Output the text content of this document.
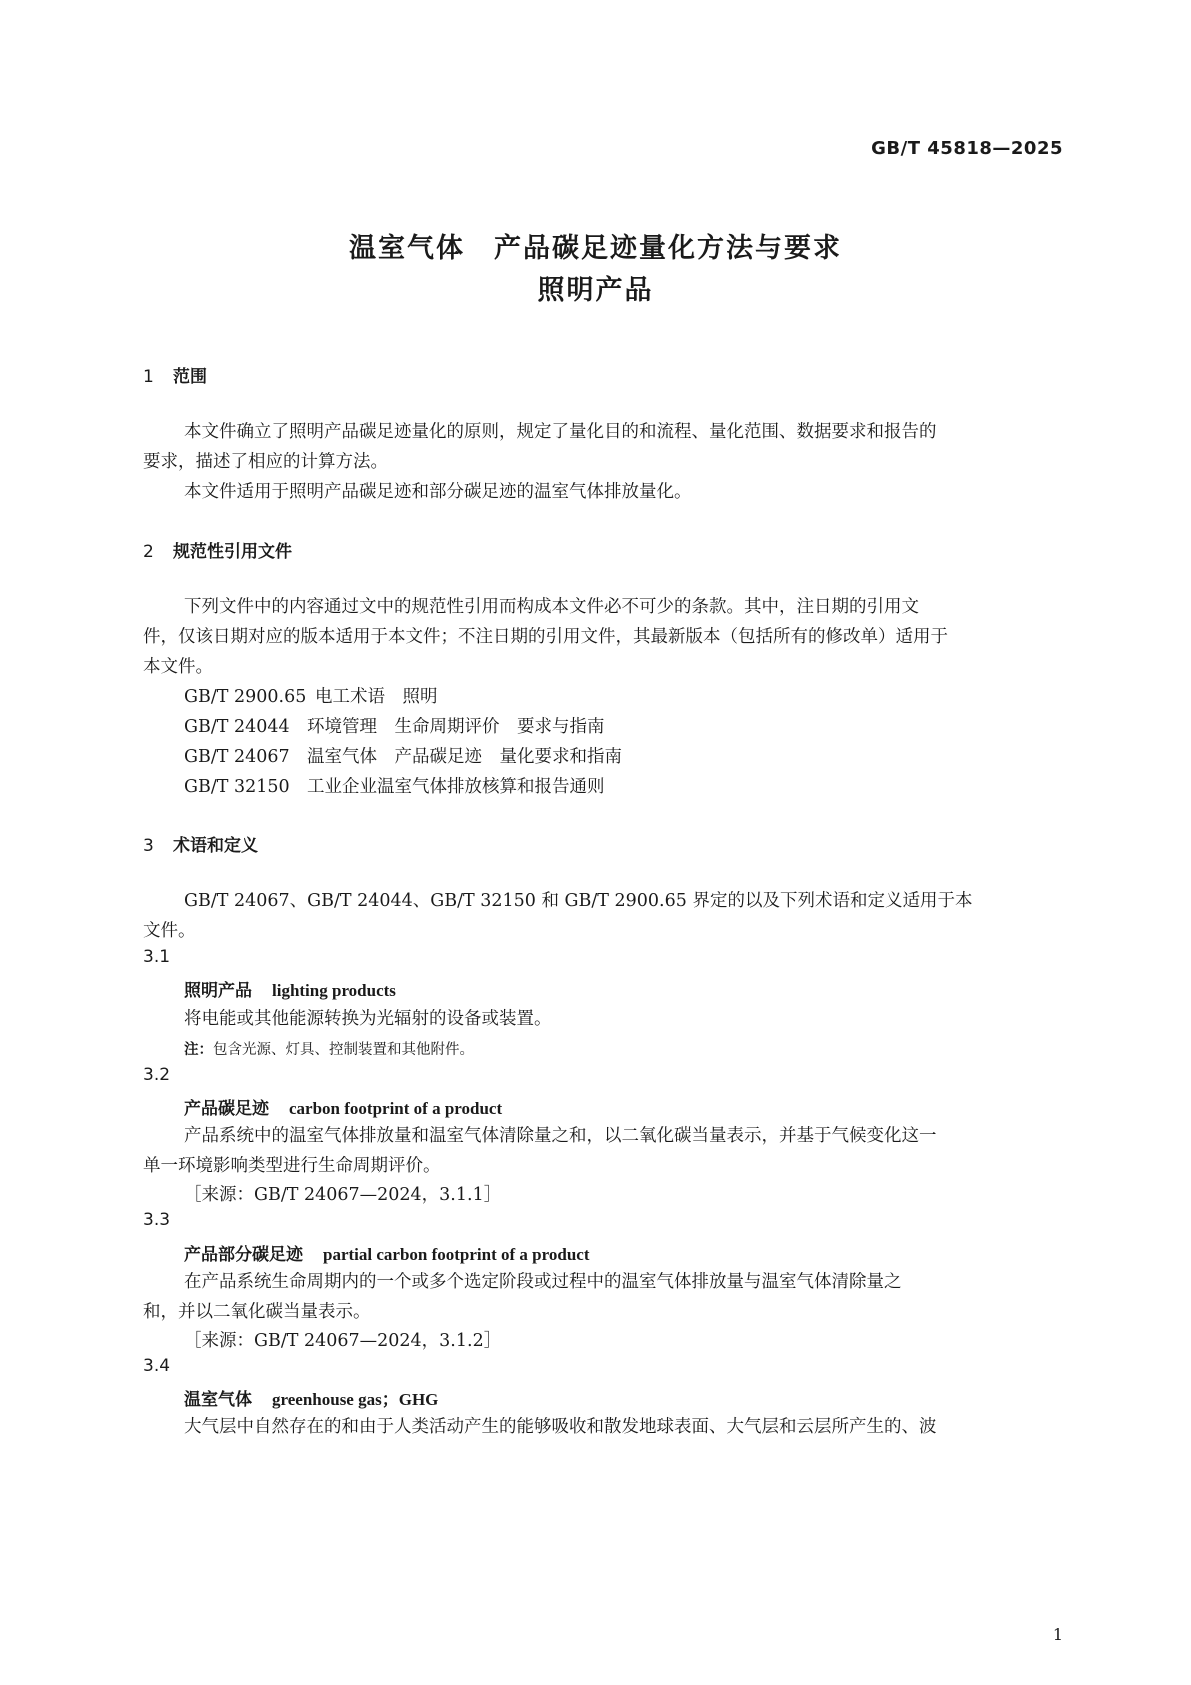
GB/T 45818—2025
温室气体　产品碳足迹量化方法与要求
照明产品
1 范围
本文件确立了照明产品碳足迹量化的原则，规定了量化目的和流程、量化范围、数据要求和报告的
要求，描述了相应的计算方法。
本文件适用于照明产品碳足迹和部分碳足迹的温室气体排放量化。
2 规范性引用文件
下列文件中的内容通过文中的规范性引用而构成本文件必不可少的条款。其中，注日期的引用文
件，仅该日期对应的版本适用于本文件；不注日期的引用文件，其最新版本（包括所有的修改单）适用于
本文件。
GB/T 2900.65 电工术语　照明
GB/T 24044 环境管理　生命周期评价　要求与指南
GB/T 24067 温室气体　产品碳足迹　量化要求和指南
GB/T 32150 工业企业温室气体排放核算和报告通则
3 术语和定义
GB/T 24067、GB/T 24044、GB/T 32150 和 GB/T 2900.65 界定的以及下列术语和定义适用于本
文件。
3.1
照明产品 lighting products
将电能或其他能源转换为光辐射的设备或装置。
注：包含光源、灯具、控制装置和其他附件。
3.2
产品碳足迹 carbon footprint of a product
产品系统中的温室气体排放量和温室气体清除量之和，以二氧化碳当量表示，并基于气候变化这一
单一环境影响类型进行生命周期评价。
［来源：GB/T 24067—2024，3.1.1］
3.3
产品部分碳足迹 partial carbon footprint of a product
在产品系统生命周期内的一个或多个选定阶段或过程中的温室气体排放量与温室气体清除量之
和，并以二氧化碳当量表示。
［来源：GB/T 24067—2024，3.1.2］
3.4
温室气体 greenhouse gas；GHG
大气层中自然存在的和由于人类活动产生的能够吸收和散发地球表面、大气层和云层所产生的、波
1
